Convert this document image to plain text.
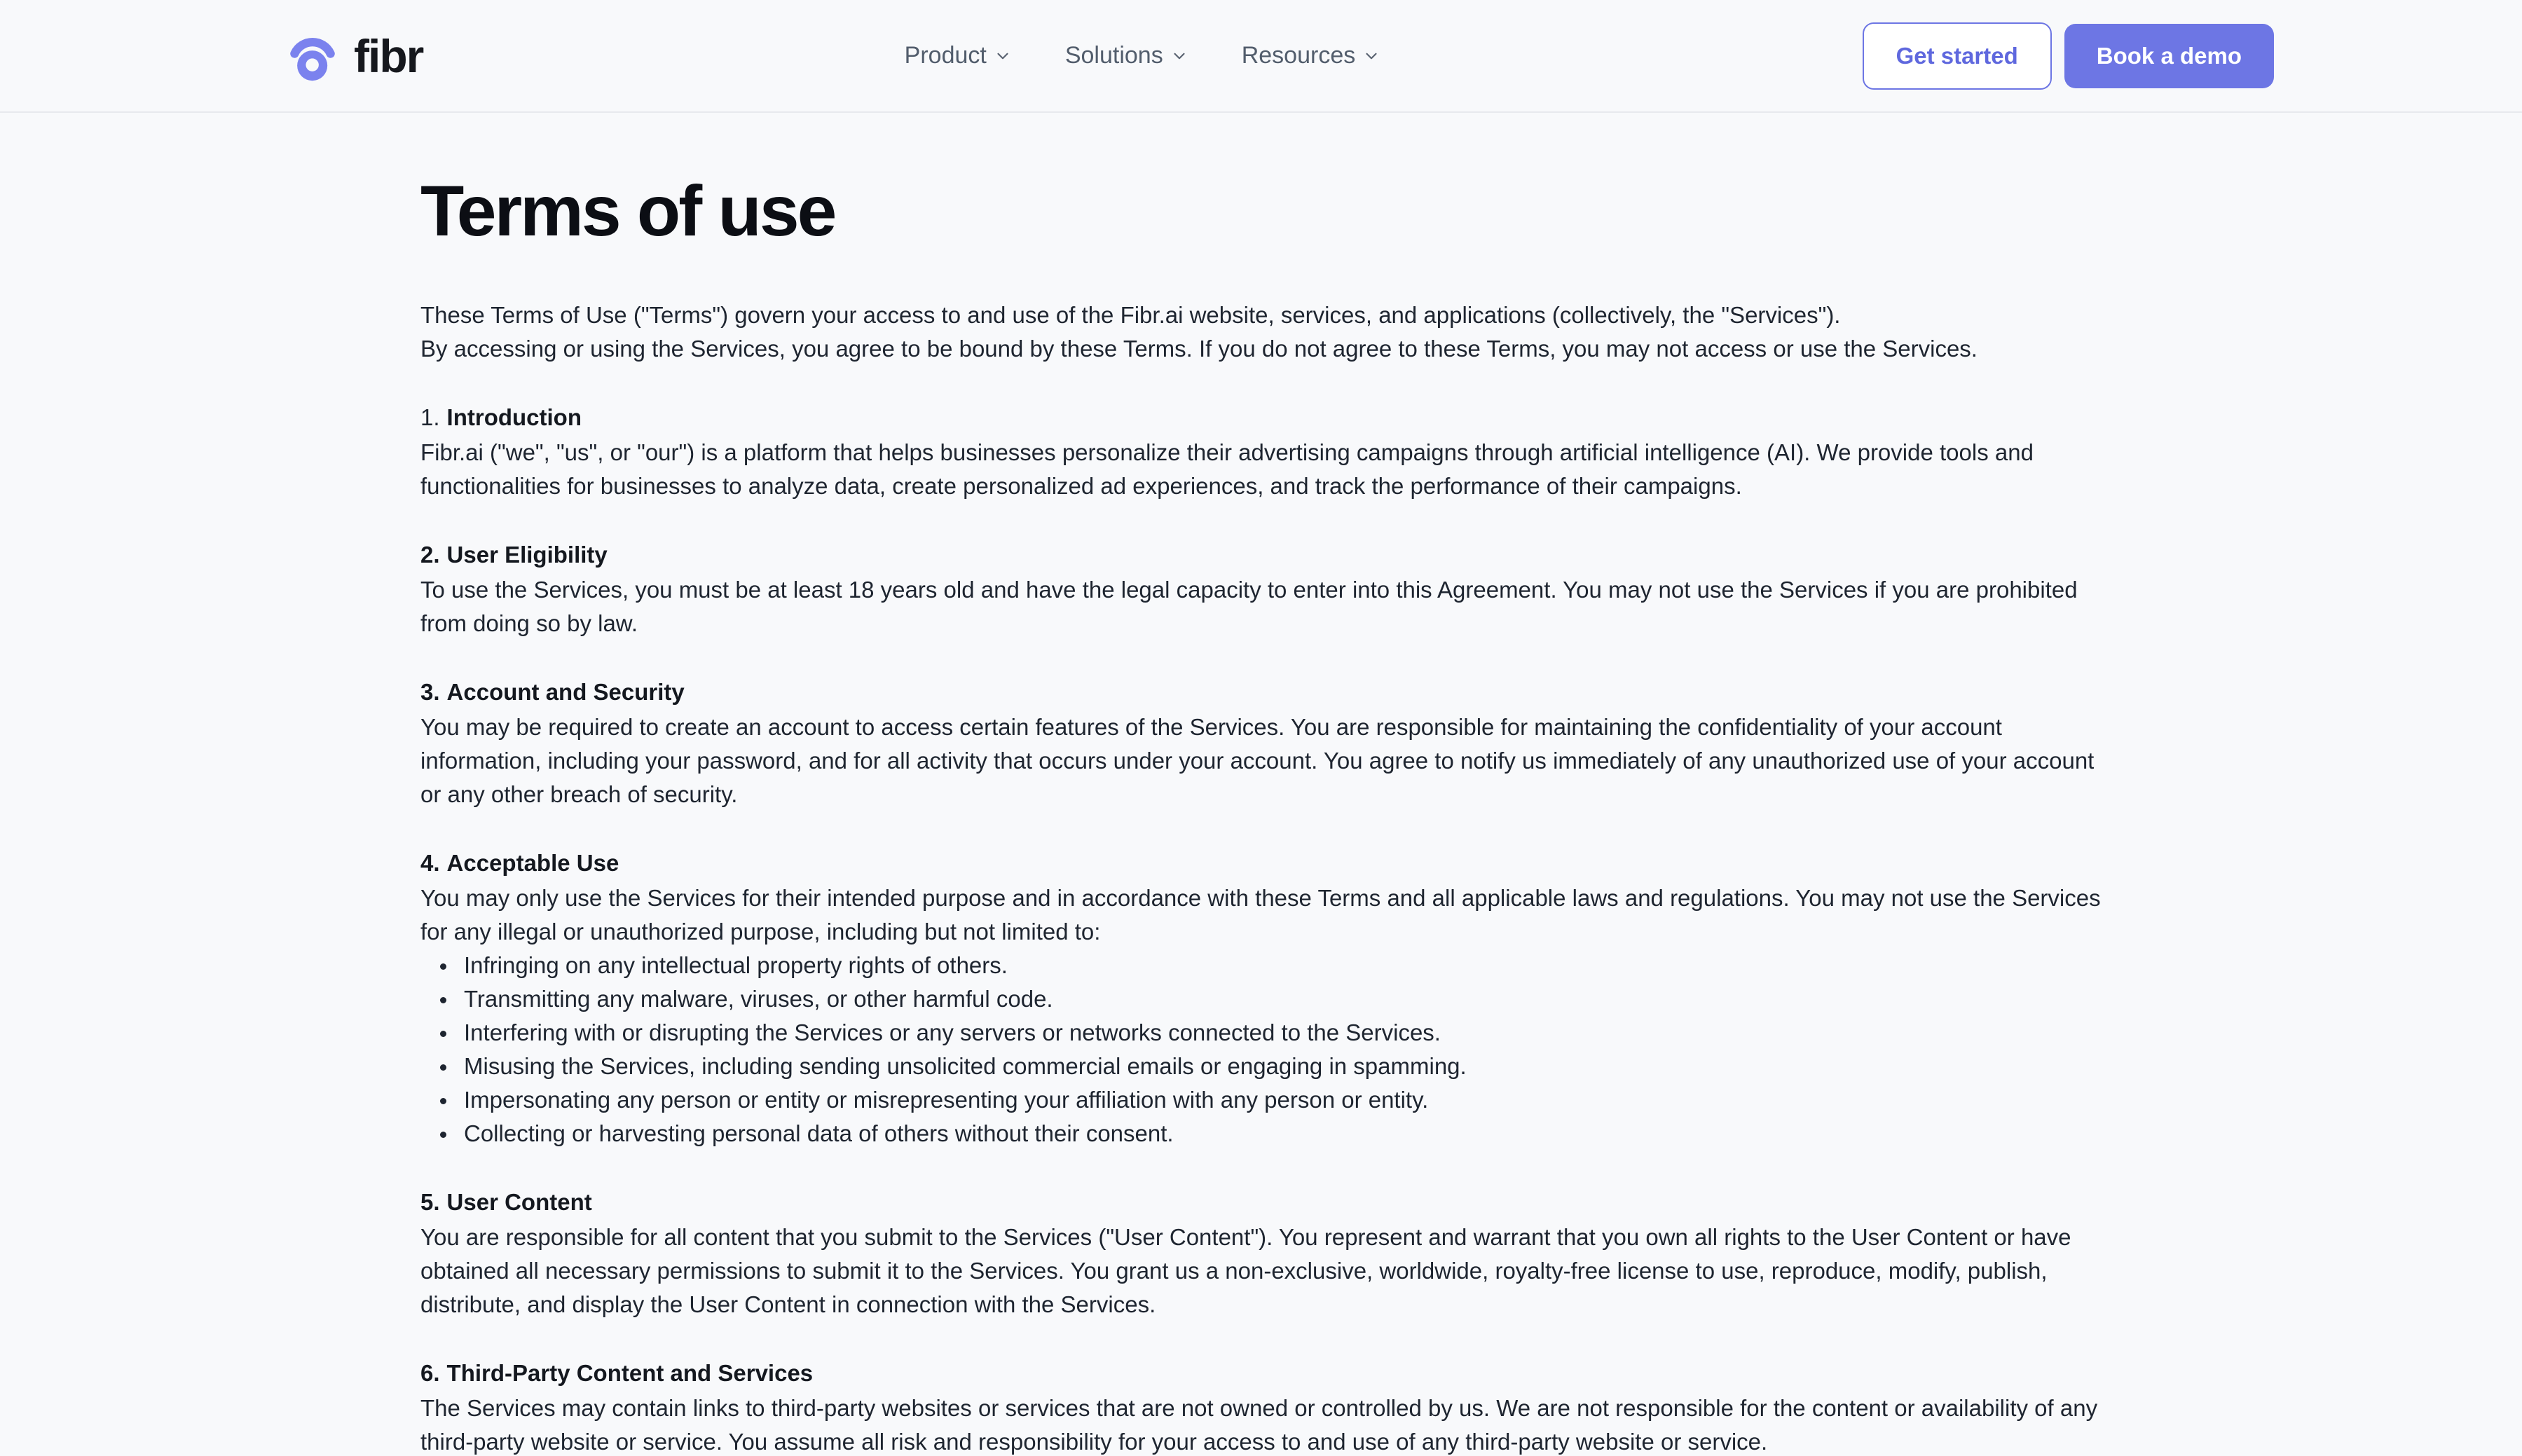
fibr	Product	Solutions	Resources	Get started	Book a demo
Terms of use

These Terms of Use ("Terms") govern your access to and use of the Fibr.ai website, services, and applications (collectively, the "Services").
By accessing or using the Services, you agree to be bound by these Terms. If you do not agree to these Terms, you may not access or use the Services.

1. Introduction

Fibr.ai ("we", "us", or "our") is a platform that helps businesses personalize their advertising campaigns through artificial intelligence (AI). We provide tools and functionalities for businesses to analyze data, create personalized ad experiences, and track the performance of their campaigns.

2. User Eligibility

To use the Services, you must be at least 18 years old and have the legal capacity to enter into this Agreement. You may not use the Services if you are prohibited from doing so by law.

3. Account and Security

You may be required to create an account to access certain features of the Services. You are responsible for maintaining the confidentiality of your account information, including your password, and for all activity that occurs under your account. You agree to notify us immediately of any unauthorized use of your account or any other breach of security.

4. Acceptable Use

You may only use the Services for their intended purpose and in accordance with these Terms and all applicable laws and regulations. You may not use the Services for any illegal or unauthorized purpose, including but not limited to:

Infringing on any intellectual property rights of others.
Transmitting any malware, viruses, or other harmful code.
Interfering with or disrupting the Services or any servers or networks connected to the Services.
Misusing the Services, including sending unsolicited commercial emails or engaging in spamming.
Impersonating any person or entity or misrepresenting your affiliation with any person or entity.
Collecting or harvesting personal data of others without their consent.
5. User Content

You are responsible for all content that you submit to the Services ("User Content"). You represent and warrant that you own all rights to the User Content or have obtained all necessary permissions to submit it to the Services. You grant us a non-exclusive, worldwide, royalty-free license to use, reproduce, modify, publish, distribute, and display the User Content in connection with the Services.

6. Third-Party Content and Services

The Services may contain links to third-party websites or services that are not owned or controlled by us. We are not responsible for the content or availability of any third-party website or service. You assume all risk and responsibility for your access to and use of any third-party website or service.
